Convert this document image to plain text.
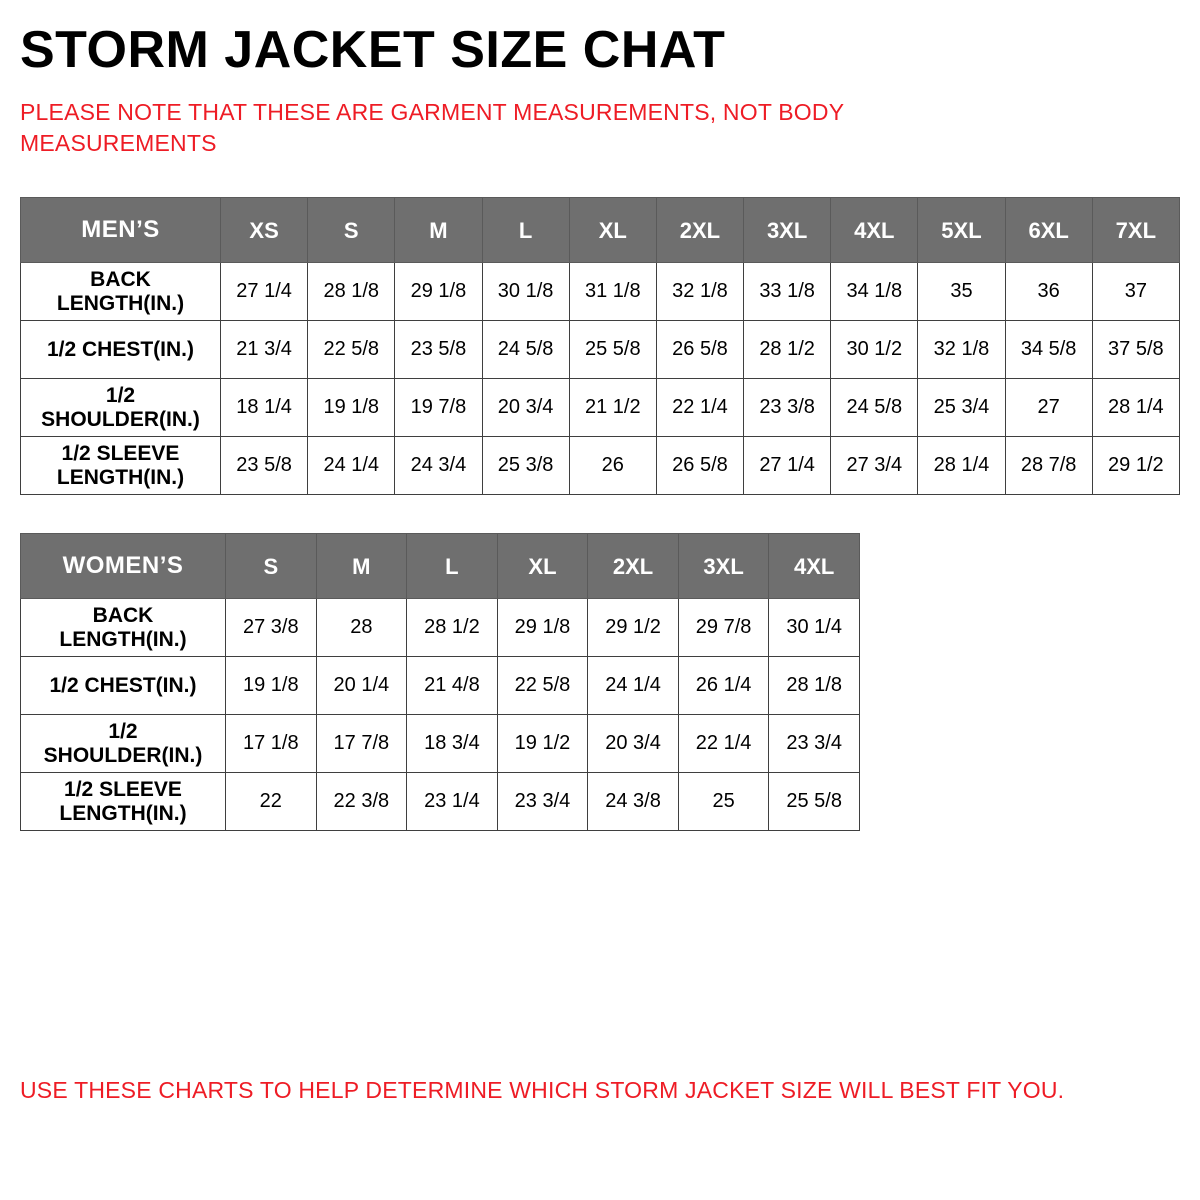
STORM JACKET SIZE CHAT

PLEASE NOTE THAT THESE ARE GARMENT MEASUREMENTS, NOT BODY MEASUREMENTS

MEN’S	XS	S	M	L	XL	2XL	3XL	4XL	5XL	6XL	7XL
BACK LENGTH(IN.)	27 1/4	28 1/8	29 1/8	30 1/8	31 1/8	32 1/8	33 1/8	34 1/8	35	36	37
1/2 CHEST(IN.)	21 3/4	22 5/8	23 5/8	24 5/8	25 5/8	26 5/8	28 1/2	30 1/2	32 1/8	34 5/8	37 5/8
1/2 SHOULDER(IN.)	18 1/4	19 1/8	19 7/8	20 3/4	21 1/2	22 1/4	23 3/8	24 5/8	25 3/4	27	28 1/4
1/2 SLEEVE LENGTH(IN.)	23 5/8	24 1/4	24 3/4	25 3/8	26	26 5/8	27 1/4	27 3/4	28 1/4	28 7/8	29 1/2
WOMEN’S	S	M	L	XL	2XL	3XL	4XL
BACK LENGTH(IN.)	27 3/8	28	28 1/2	29 1/8	29 1/2	29 7/8	30 1/4
1/2 CHEST(IN.)	19 1/8	20 1/4	21 4/8	22 5/8	24 1/4	26 1/4	28 1/8
1/2 SHOULDER(IN.)	17 1/8	17 7/8	18 3/4	19 1/2	20 3/4	22 1/4	23 3/4
1/2 SLEEVE LENGTH(IN.)	22	22 3/8	23 1/4	23 3/4	24 3/8	25	25 5/8
USE THESE CHARTS TO HELP DETERMINE WHICH STORM JACKET SIZE WILL BEST FIT YOU.
